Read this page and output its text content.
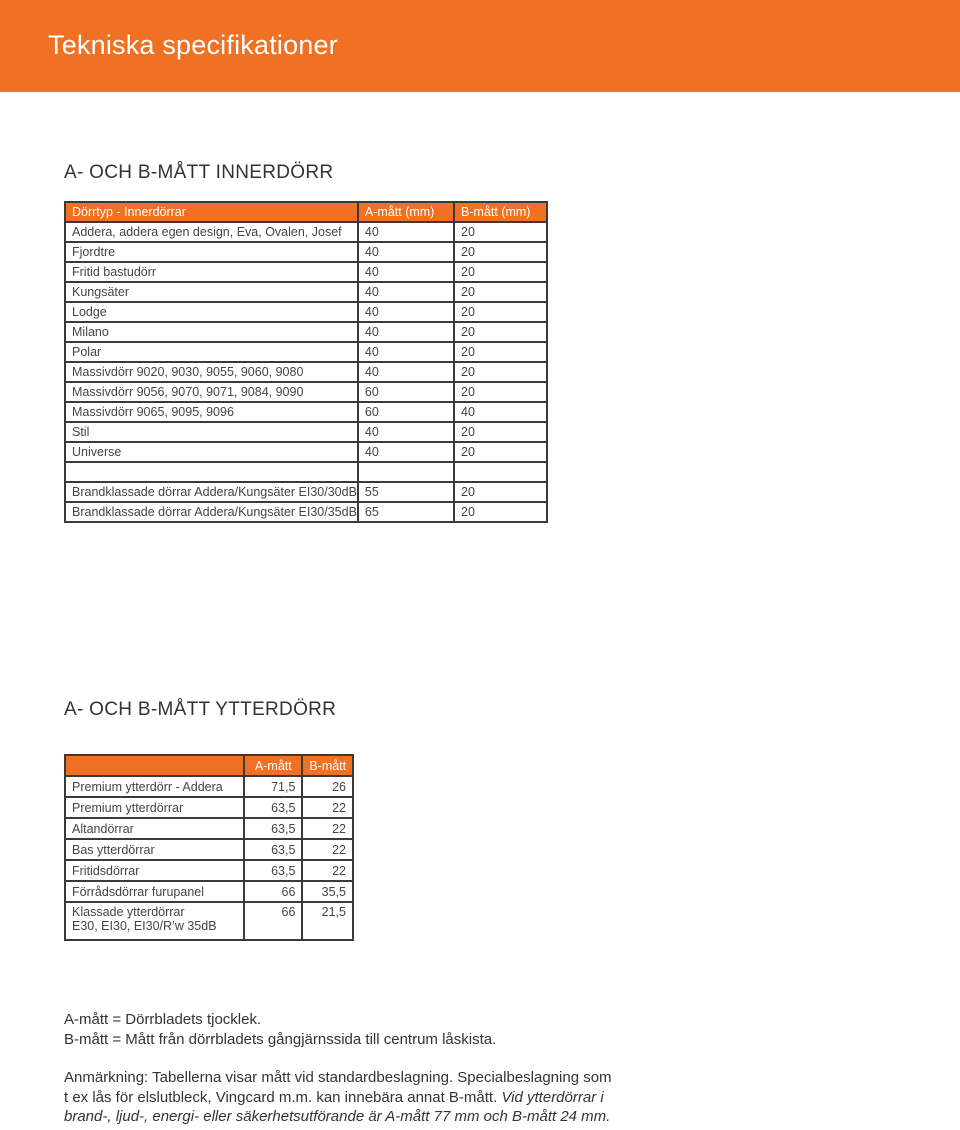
Tekniska specifikationer
A- OCH B-MÅTT INNERDÖRR
Dörrtyp - Innerdörrar	A-mått (mm)	B-mått (mm)
Addera, addera egen design, Eva, Ovalen, Josef	40	20
Fjordtre	40	20
Fritid bastudörr	40	20
Kungsäter	40	20
Lodge	40	20
Milano	40	20
Polar	40	20
Massivdörr 9020, 9030, 9055, 9060, 9080	40	20
Massivdörr 9056, 9070, 9071, 9084, 9090	60	20
Massivdörr 9065, 9095, 9096	60	40
Stil	40	20
Universe	40	20

Brandklassade dörrar Addera/Kungsäter EI30/30dB	55	20
Brandklassade dörrar Addera/Kungsäter EI30/35dB	65	20
A- OCH B-MÅTT YTTERDÖRR
	A-mått	B-mått
Premium ytterdörr - Addera	71,5	26
Premium ytterdörrar	63,5	22
Altandörrar	63,5	22
Bas ytterdörrar	63,5	22
Fritidsdörrar	63,5	22
Förrådsdörrar furupanel	66	35,5

Klassade ytterdörrar
E30, EI30, EI30/R’w 35dB	66	21,5

A-mått = Dörrbladets tjocklek.

B-mått = Mått från dörrbladets gångjärnssida till centrum låskista.

Anmärkning: Tabellerna visar mått vid standardbeslagning. Specialbeslagning som
t ex lås för elslutbleck, Vingcard m.m. kan innebära annat B-mått. Vid ytterdörrar i
brand-, ljud-, energi- eller säkerhetsutförande är A-mått 77 mm och B-mått 24 mm.
